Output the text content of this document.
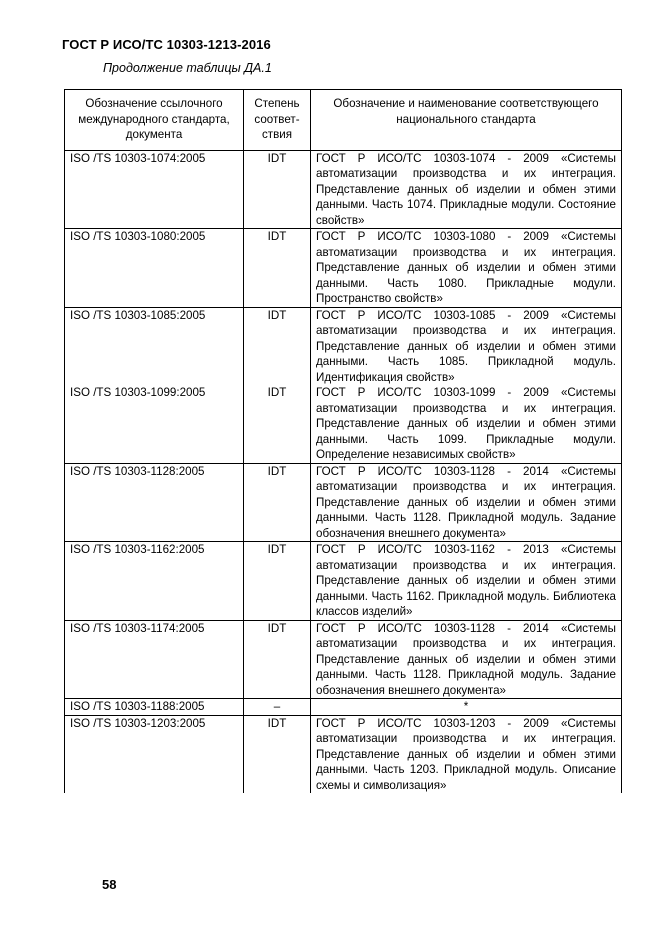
ГОСТ Р ИСО/ТС 10303-1213-2016
Продолжение таблицы ДА.1
Обозначение ссылочного международного стандарта, документа	Степень соответ-ствия	Обозначение и наименование соответствующего национального стандарта
ISO /TS 10303-1074:2005	IDT	ГОСТ Р ИСО/ТС 10303-1074 - 2009 «Системы автоматизации производства и их интеграция. Представление данных об изделии и обмен этими данными. Часть 1074. Прикладные модули. Состояние свойств»
ISO /TS 10303-1080:2005	IDT	ГОСТ Р ИСО/ТС 10303-1080 - 2009 «Системы автоматизации производства и их интеграция. Представление данных об изделии и обмен этими данными. Часть 1080. Прикладные модули. Пространство свойств»
ISO /TS 10303-1085:2005	IDT	ГОСТ Р ИСО/ТС 10303-1085 - 2009 «Системы автоматизации производства и их интеграция. Представление данных об изделии и обмен этими данными. Часть 1085. Прикладной модуль. Идентификация свойств»
ISO /TS 10303-1099:2005	IDT	ГОСТ Р ИСО/ТС 10303-1099 - 2009 «Системы автоматизации производства и их интеграция. Представление данных об изделии и обмен этими данными. Часть 1099. Прикладные модули. Определение независимых свойств»
ISO /TS 10303-1128:2005	IDT	ГОСТ Р ИСО/ТС 10303-1128 - 2014 «Системы автоматизации производства и их интеграция. Представление данных об изделии и обмен этими данными. Часть 1128. Прикладной модуль. Задание обозначения внешнего документа»
ISO /TS 10303-1162:2005	IDT	ГОСТ Р ИСО/ТС 10303-1162 - 2013 «Системы автоматизации производства и их интеграция. Представление данных об изделии и обмен этими данными. Часть 1162. Прикладной модуль. Библиотека классов изделий»
ISO /TS 10303-1174:2005	IDT	ГОСТ Р ИСО/ТС 10303-1128 - 2014 «Системы автоматизации производства и их интеграция. Представление данных об изделии и обмен этими данными. Часть 1128. Прикладной модуль. Задание обозначения внешнего документа»
ISO /TS 10303-1188:2005	–	*
ISO /TS 10303-1203:2005	IDT	ГОСТ Р ИСО/ТС 10303-1203 - 2009 «Системы автоматизации производства и их интеграция. Представление данных об изделии и обмен этими данными. Часть 1203. Прикладной модуль. Описание схемы и символизация»
58
